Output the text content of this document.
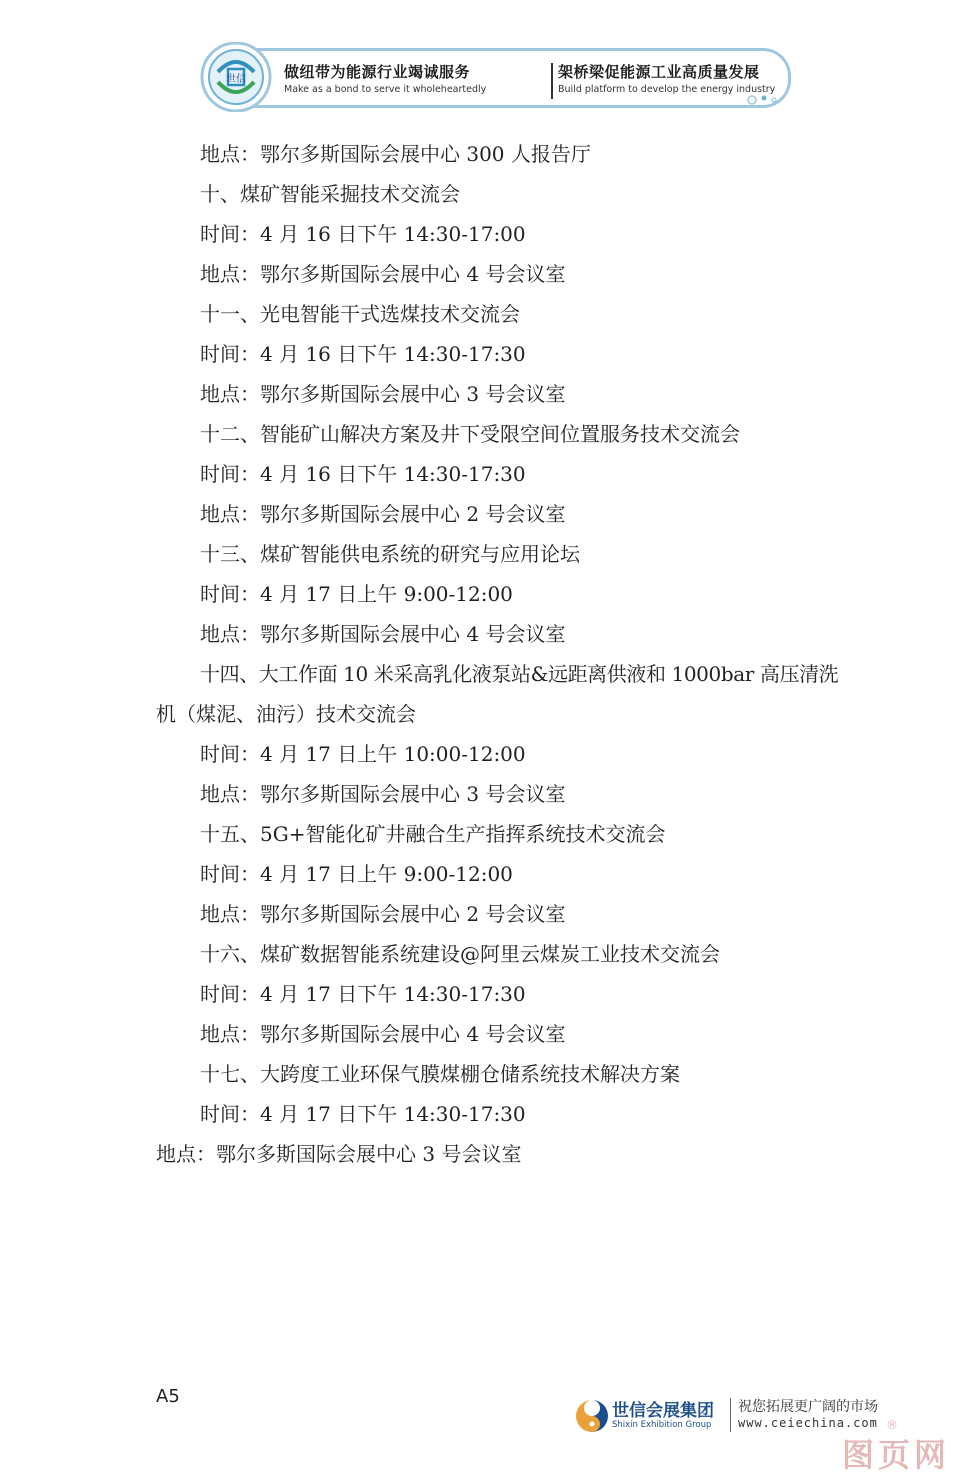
做纽带为能源行业竭诚服务
Make as a bond to serve it wholeheartedly
架桥梁促能源工业高质量发展
Build platform to develop the energy industry
世信
地点：鄂尔多斯国际会展中心 300 人报告厅
十、煤矿智能采掘技术交流会
时间：4 月 16 日下午 14:30-17:00
地点：鄂尔多斯国际会展中心 4 号会议室
十一、光电智能干式选煤技术交流会
时间：4 月 16 日下午 14:30-17:30
地点：鄂尔多斯国际会展中心 3 号会议室
十二、智能矿山解决方案及井下受限空间位置服务技术交流会
时间：4 月 16 日下午 14:30-17:30
地点：鄂尔多斯国际会展中心 2 号会议室
十三、煤矿智能供电系统的研究与应用论坛
时间：4 月 17 日上午 9:00-12:00
地点：鄂尔多斯国际会展中心 4 号会议室
十四、大工作面 10 米采高乳化液泵站&远距离供液和 1000bar 高压清洗
机（煤泥、油污）技术交流会
时间：4 月 17 日上午 10:00-12:00
地点：鄂尔多斯国际会展中心 3 号会议室
十五、5G+智能化矿井融合生产指挥系统技术交流会
时间：4 月 17 日上午 9:00-12:00
地点：鄂尔多斯国际会展中心 2 号会议室
十六、煤矿数据智能系统建设@阿里云煤炭工业技术交流会
时间：4 月 17 日下午 14:30-17:30
地点：鄂尔多斯国际会展中心 4 号会议室
十七、大跨度工业环保气膜煤棚仓储系统技术解决方案
时间：4 月 17 日下午 14:30-17:30
地点：鄂尔多斯国际会展中心 3 号会议室
A5
世信会展集团
Shixin Exhibition Group
祝您拓展更广阔的市场
www.ceiechina.com ®
图页网
